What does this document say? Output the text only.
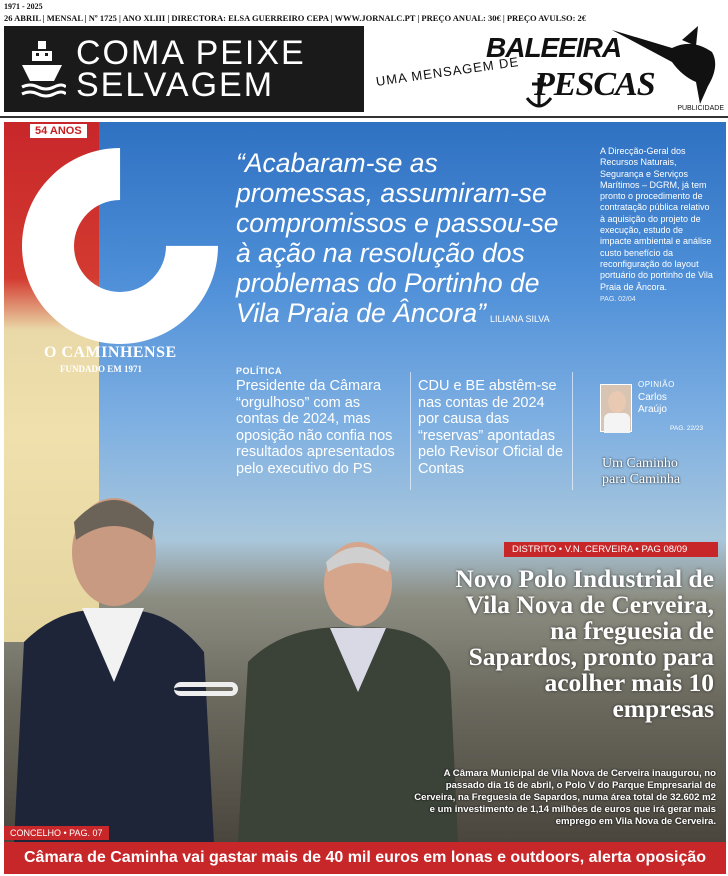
1971 - 2025
26 ABRIL | MENSAL | Nº 1725 | ANO XLIII | DIRECTORA: ELSA GUERREIRO CEPA | WWW.JORNALC.PT | PREÇO ANUAL: 30€ | PREÇO AVULSO: 2€
COMA PEIXE
SELVAGEM	UMA MENSAGEM DE
BALEEIRA
PESCAS
PUBLICIDADE
54 ANOS
O CAMINHENSE
FUNDADO EM 1971
“Acabaram-se as promessas, assumiram-se compromissos e passou-se à ação na resolução dos problemas do Portinho de Vila Praia de Âncora” LILIANA SILVA
A Direcção-Geral dos Recursos Naturais, Segurança e Serviços Marítimos – DGRM, já tem pronto o procedimento de contratação pública relativo à aquisição do projeto de execução, estudo de impacte ambiental e análise custo benefício da reconfiguração do layout portuário do portinho de Vila Praia de Âncora.
PAG. 02/04
POLÍTICA
Presidente da Câmara “orgulhoso” com as contas de 2024, mas oposição não confia nos resultados apresentados pelo executivo do PS
CDU e BE abstêm-se nas contas de 2024 por causa das “reservas” apontadas pelo Revisor Oficial de Contas
OPINIÃO
Carlos
Araújo
PAG. 22/23
Um Caminho para Caminha
DISTRITO • V.N. CERVEIRA • PAG 08/09
Novo Polo Industrial de Vila Nova de Cerveira, na freguesia de Sapardos, pronto para acolher mais 10 empresas
A Câmara Municipal de Vila Nova de Cerveira inaugurou, no passado dia 16 de abril, o Polo V do Parque Empresarial de Cerveira, na Freguesia de Sapardos, numa área total de 32.602 m2 e um investimento de 1,14 milhões de euros que irá gerar mais emprego em Vila Nova de Cerveira.
CONCELHO • PAG. 07
Câmara de Caminha vai gastar mais de 40 mil euros em lonas e outdoors, alerta oposição
